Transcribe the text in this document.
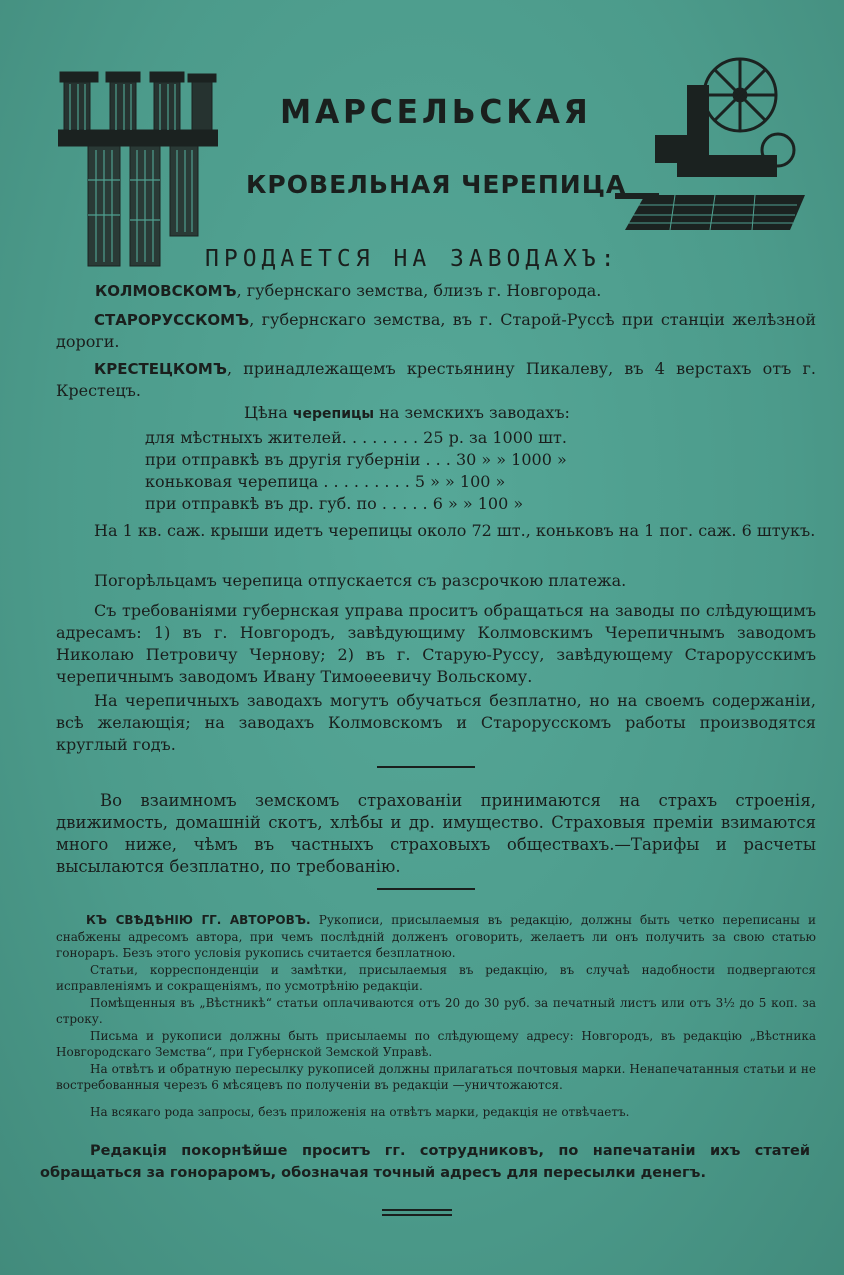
МАРСЕЛЬСКАЯ
КРОВЕЛЬНАЯ ЧЕРЕПИЦА
ПРОДАЕТСЯ НА ЗАВОДАХЪ:
КОЛМОВСКОМЪ, губернскаго земства, близъ г. Новгорода.
СТАРОРУССКОМЪ, губернскаго земства, въ г. Старой-Руссѣ при станціи желѣзной дороги.
КРЕСТЕЦКОМЪ, принадлежащемъ крестьянину Пикалеву, въ 4 верстахъ отъ г. Крестецъ.
Цѣна черепицы на земскихъ заводахъ:
для мѣстныхъ жителей. . . . . . . . 25 р. за 1000 шт.
при отправкѣ въ другія губерніи . . . 30 » » 1000 »
коньковая черепица . . . . . . . . . 5 » » 100 »
при отправкѣ въ др. губ. по . . . . . 6 » » 100 »
На 1 кв. саж. крыши идетъ черепицы около 72 шт., коньковъ на 1 пог. саж. 6 штукъ.
Погорѣльцамъ черепица отпускается съ разсрочкою платежа.
Съ требованіями губернская управа проситъ обращаться на заводы по слѣдующимъ адресамъ: 1) въ г. Новгородъ, завѣдующиму Колмовскимъ Черепичнымъ заводомъ Николаю Петровичу Чернову; 2) въ г. Старую-Руссу, завѣдующему Старорусскимъ черепичнымъ заводомъ Ивану Тимоѳеевичу Вольскому.
На черепичныхъ заводахъ могутъ обучаться безплатно, но на своемъ содержаніи, всѣ желающія; на заводахъ Колмовскомъ и Старорусскомъ работы производятся круглый годъ.
Во взаимномъ земскомъ страхованіи принимаются на страхъ строенія, движимость, домашній скотъ, хлѣбы и др. имущество. Страховыя преміи взимаются много ниже, чѣмъ въ частныхъ страховыхъ обществахъ.—Тарифы и расчеты высылаются безплатно, по требованію.
КЪ СВѢДѢНІЮ ГГ. АВТОРОВЪ. Рукописи, присылаемыя въ редакцію, должны быть четко переписаны и снабжены адресомъ автора, при чемъ послѣдній долженъ оговорить, желаетъ ли онъ получить за свою статью гонораръ. Безъ этого условія рукопись считается безплатною.
Статьи, корреспонденціи и замѣтки, присылаемыя въ редакцію, въ случаѣ надобности подвергаются исправленіямъ и сокращеніямъ, по усмотрѣнію редакціи.
Помѣщенныя въ „Вѣстникѣ“ статьи оплачиваются отъ 20 до 30 руб. за печатный листъ или отъ 3½ до 5 коп. за строку.
Письма и рукописи должны быть присылаемы по слѣдующему адресу: Новгородъ, въ редакцію „Вѣстника Новгородскаго Земства“, при Губернской Земской Управѣ.
На отвѣтъ и обратную пересылку рукописей должны прилагаться почтовыя марки. Ненапечатанныя статьи и не востребованныя черезъ 6 мѣсяцевъ по полученіи въ редакціи —уничтожаются.
На всякаго рода запросы, безъ приложенія на отвѣтъ марки, редакція не отвѣчаетъ.
Редакція покорнѣйше проситъ гг. сотрудниковъ, по напечатаніи ихъ статей обращаться за гонораромъ, обозначая точный адресъ для пересылки денегъ.
